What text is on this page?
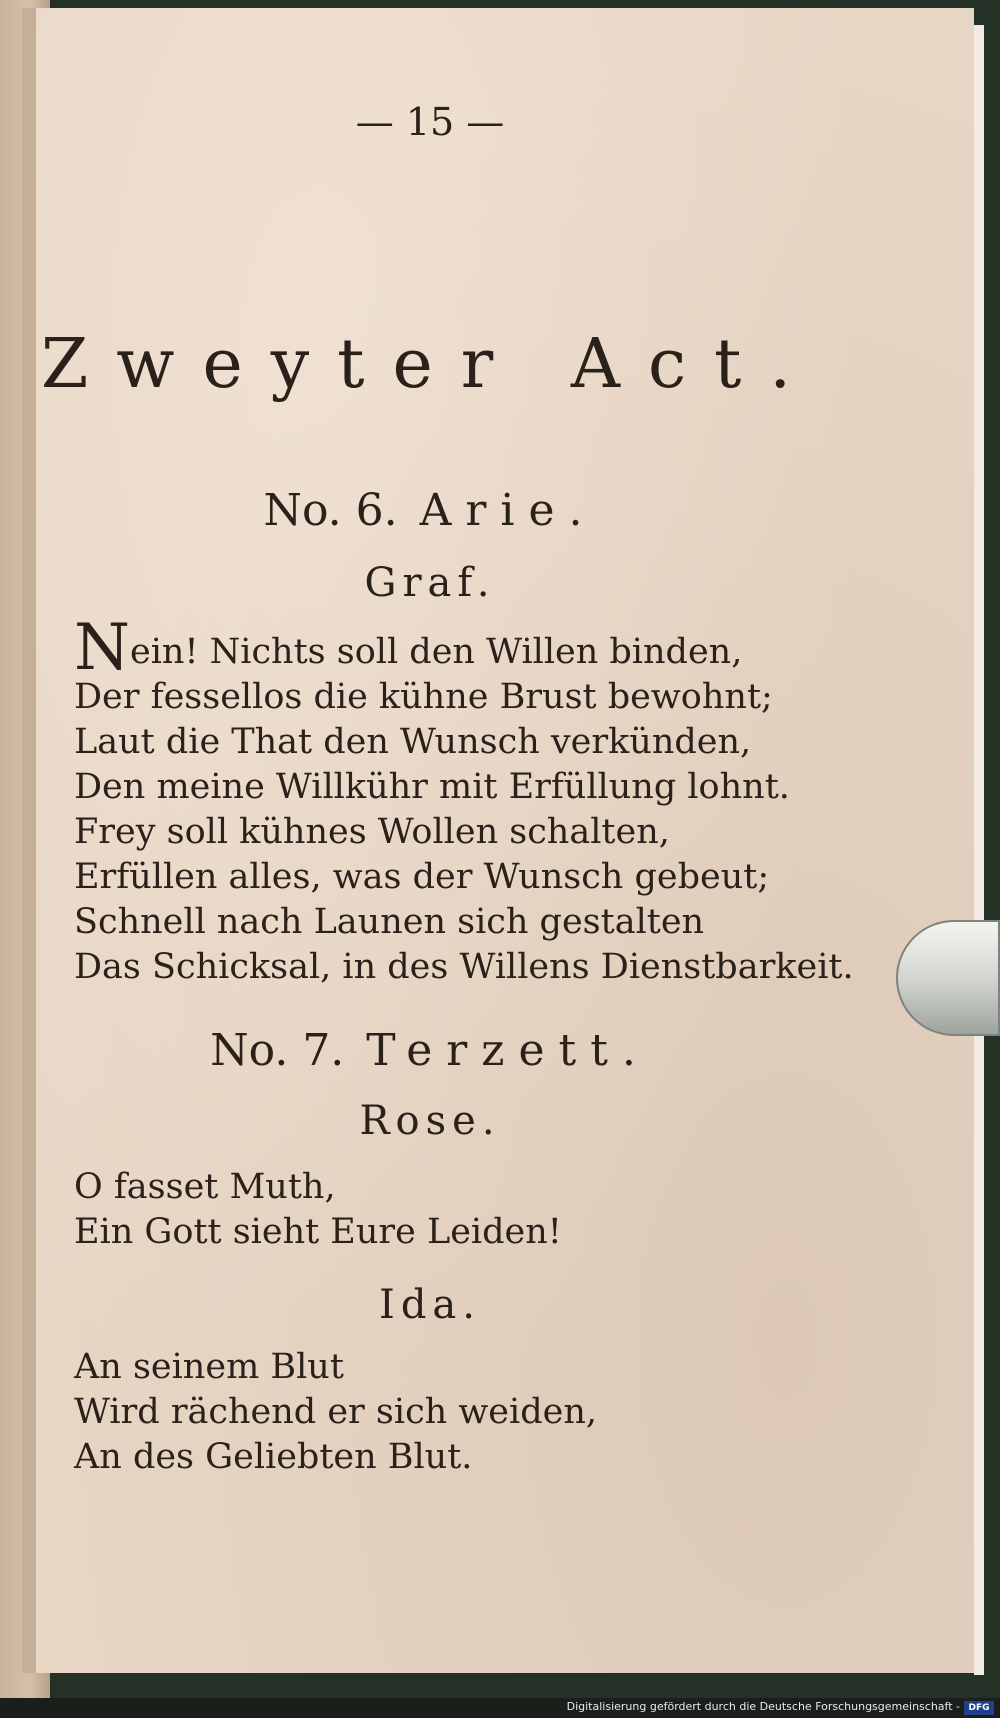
— 15 —
Zweyter Act.
No. 6. Arie.
Graf.
Nein! Nichts soll den Willen binden,
Der fessellos die kühne Brust bewohnt;
Laut die That den Wunsch verkünden,
Den meine Willkühr mit Erfüllung lohnt.
Frey soll kühnes Wollen schalten,
Erfüllen alles, was der Wunsch gebeut;
Schnell nach Launen sich gestalten
Das Schicksal, in des Willens Dienstbarkeit.
No. 7. Terzett.
Rose.
O fasset Muth,
Ein Gott sieht Eure Leiden!
Ida.
An seinem Blut
Wird rächend er sich weiden,
An des Geliebten Blut.
Digitalisierung gefördert durch die Deutsche Forschungsgemeinschaft - DFG
